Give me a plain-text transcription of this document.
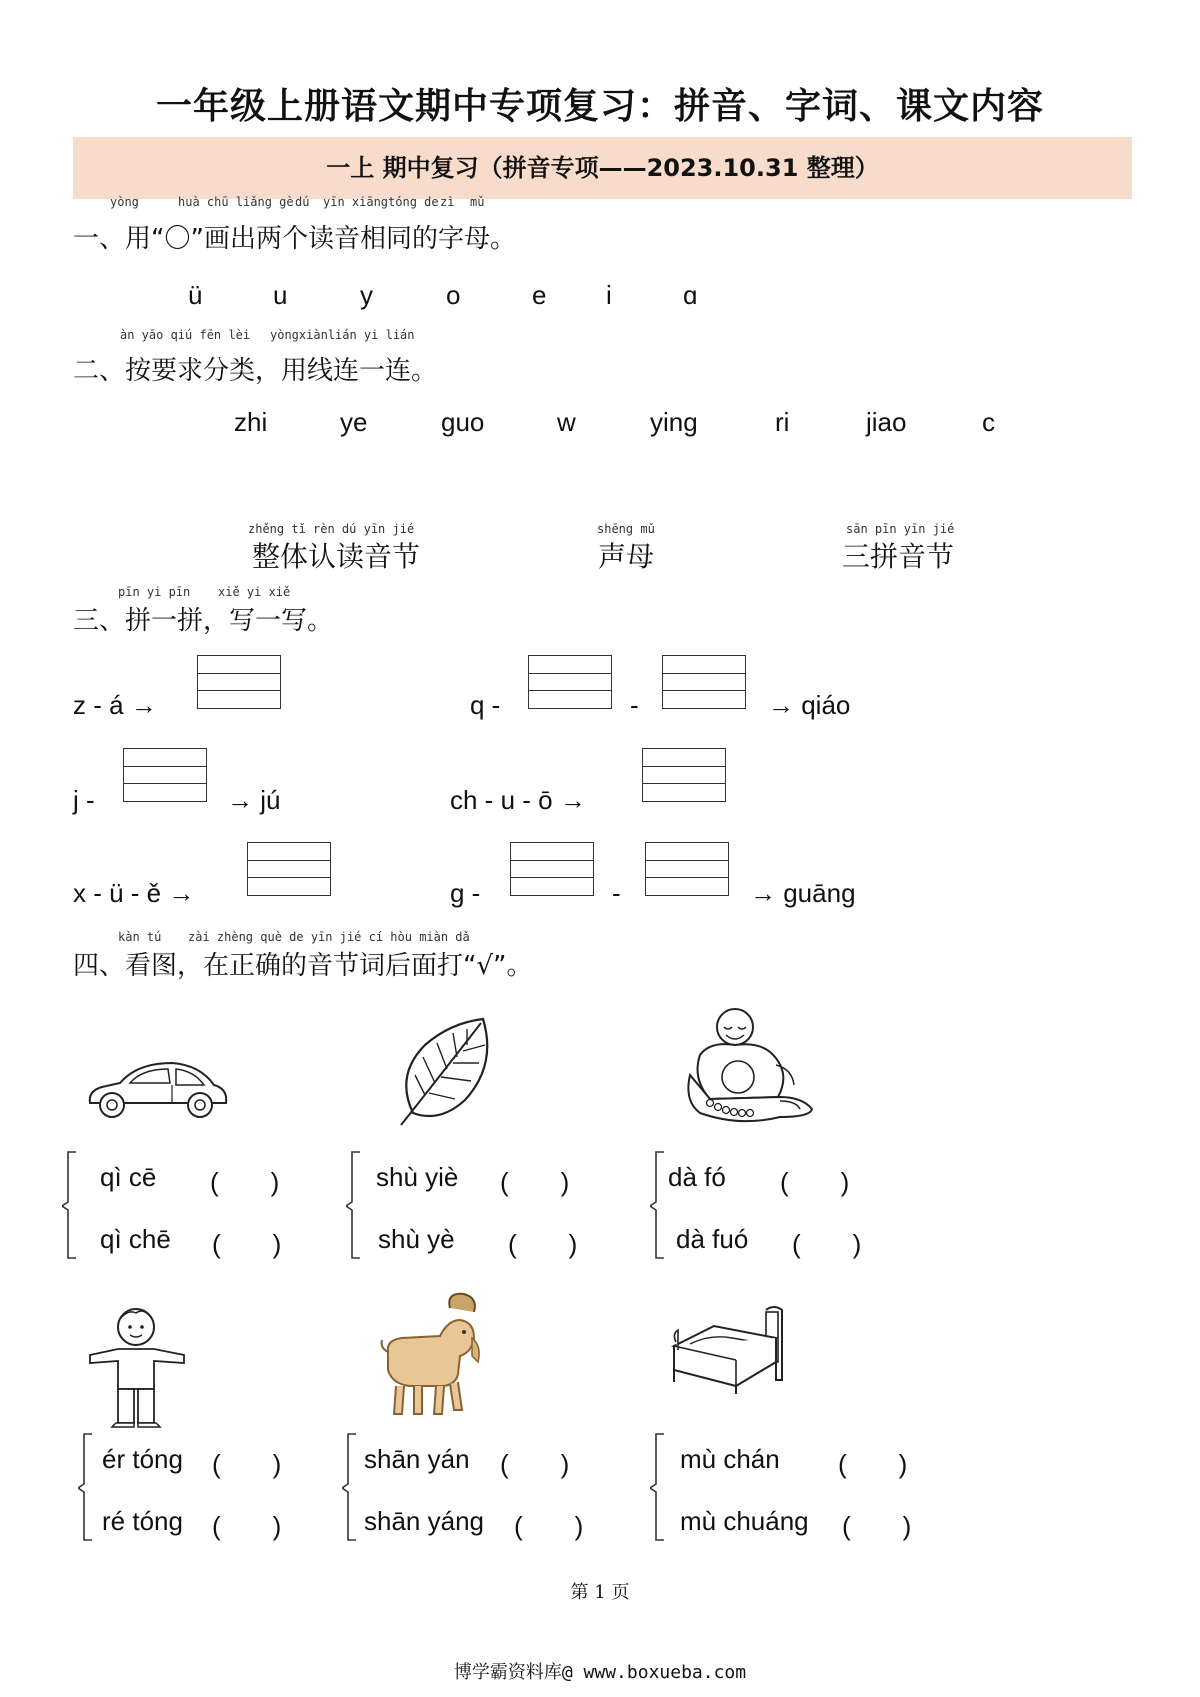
一年级上册语文期中专项复习：拼音、字词、课文内容
一上 期中复习（拼音专项——2023.10.31 整理）
yòng	huà chū liǎng gè dú yīn xiāngtóng de zì mǔ
一、用“〇”画出两个读音相同的字母。
ü	u	y	o	e i	ɑ
àn yāo qiú fēn lèi yòngxiànlián yi lián
二、按要求分类，用线连一连。
zhi	ye	ɡuo	w	yinɡ	ri	jiao	c
zhěng tǐ rèn dú yīn jié
整体认读音节
shēng mǔ
声母
sān pīn yīn jié
三拼音节
pīn yi pīn xiě yi xiě
三、拼一拼，写一写。
z - á →	q -	-	→ qiáo
j -	→ jú	ch - u - ō →
x - ü - ě →	ɡ -	-	→ ɡuānɡ
kàn tú zài zhèng què de yīn jié cí hòu miàn dǎ
四、看图，在正确的音节词后面打“√”。
qì cē (　　)
qì chē (　　)
shù yiè (　　)
shù yè (　　)
dà fó (　　)
dà fuó (　　)
ér tónɡ (　　)
ré tónɡ (　　)
shān yán (　　)
shān yánɡ (　　)
mù chán (　　)
mù chuánɡ (　　)
第 1 页
博学霸资料库@ www.boxueba.com
